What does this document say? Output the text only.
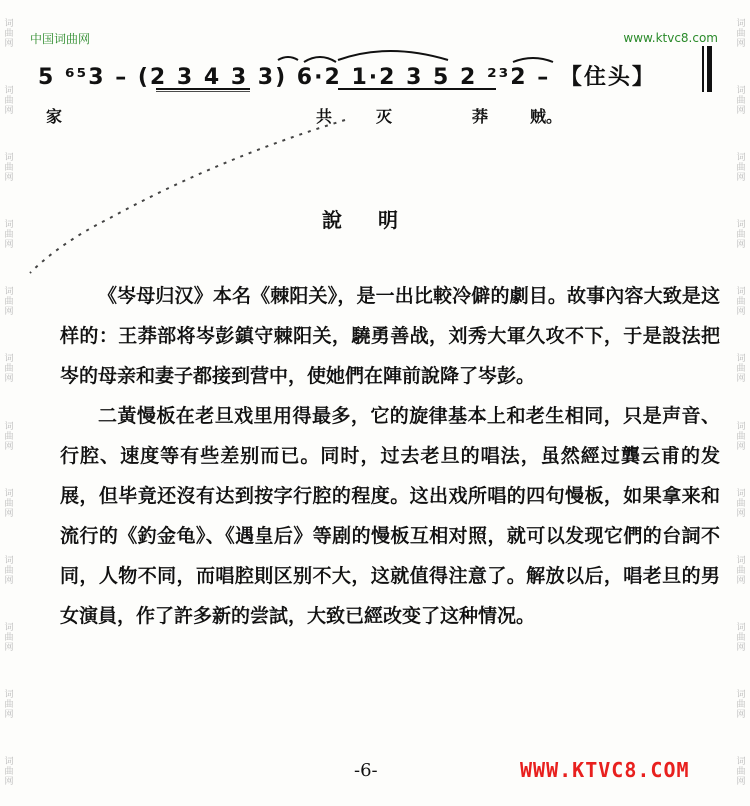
词
曲
网
词
曲
网
词
曲
网
词
曲
网
词
曲
网
词
曲
网
词
曲
网
词
曲
网
词
曲
网
词
曲
网
词
曲
网
词
曲
网
词
曲
网
词
曲
网
词
曲
网
词
曲
网
词
曲
网
词
曲
网
词
曲
网
词
曲
网
词
曲
网
词
曲
网
词
曲
网
词
曲
网
中国词曲网	www.ktvc8.com
5 ⁶⁵3 – (2 3 4 3 3) 6·2 1·2 3 5 2 ²³2 – 【住头】
家	共	灭	莽	贼。
說明

《岑母归汉》本名《棘阳关》，是一出比較冷僻的劇目。故事內容大致是这样的：王莽部将岑彭鎮守棘阳关，驍勇善战，刘秀大軍久攻不下，于是設法把岑的母亲和妻子都接到营中，使她們在陣前說降了岑彭。

二黃慢板在老旦戏里用得最多，它的旋律基本上和老生相同，只是声音、行腔、速度等有些差别而已。同时，过去老旦的唱法，虽然經过龔云甫的发展，但毕竟还沒有达到按字行腔的程度。这出戏所唱的四句慢板，如果拿来和流行的《釣金龟》、《遇皇后》等剧的慢板互相对照，就可以发现它們的台詞不同，人物不同，而唱腔則区别不大，这就值得注意了。解放以后，唱老旦的男女演員，作了許多新的尝試，大致已經改变了这种情况。

-6-	WWW.KTVC8.COM
